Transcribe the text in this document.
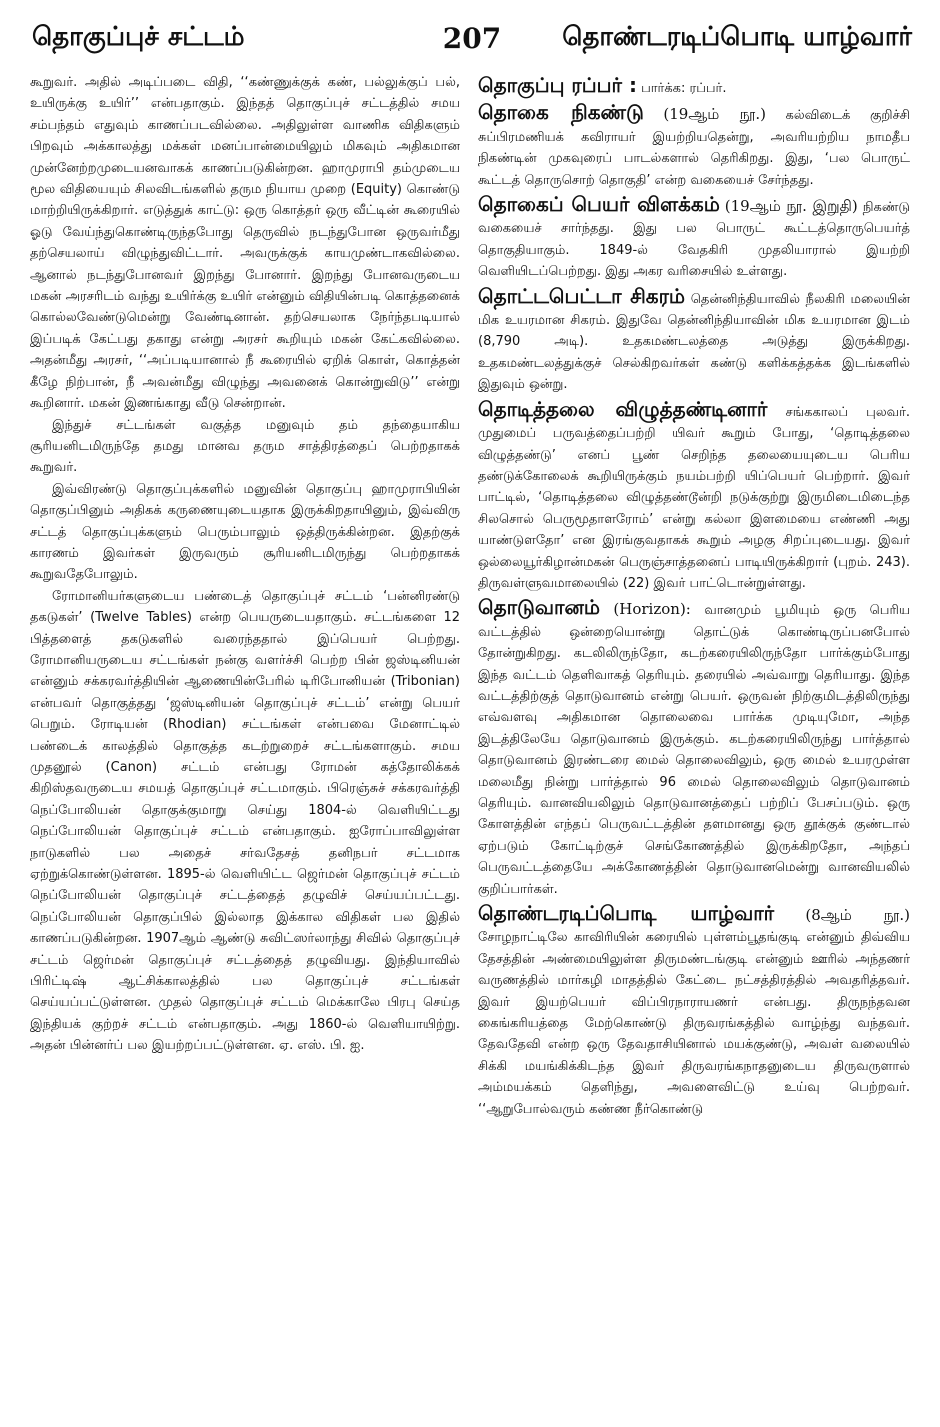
தொகுப்புச் சட்டம்	207	தொண்டரடிப்பொடி யாழ்வார்

கூறுவர். அதில் அடிப்படை விதி, ‘‘கண்ணுக்குக் கண், பல்லுக்குப் பல், உயிருக்கு உயிர்’’ என்பதாகும். இந்தத் தொகுப்புச் சட்டத்தில் சமய சம்பந்தம் எதுவும் காணப்படவில்லை. அதிலுள்ள வாணிக விதிகளும் பிறவும் அக்காலத்து மக்கள் மனப்பான்மையிலும் மிகவும் அதிகமான முன்னேற்றமுடையனவாகக் காணப்படுகின்றன. ஹாமுராபி தம்முடைய மூல விதியையும் சிலவிடங்களில் தரும நியாய முறை (Equity) கொண்டு மாற்றியிருக்கிறார். எடுத்துக் காட்டு: ஒரு கொத்தர் ஒரு வீட்டின் கூரையில் ஓடு வேய்ந்துகொண்டிருந்தபோது தெருவில் நடந்துபோன ஒருவர்மீது தற்செயலாய் விழுந்துவிட்டார். அவருக்குக் காயமுண்டாகவில்லை. ஆனால் நடந்துபோனவர் இறந்து போனார். இறந்து போனவருடைய மகன் அரசரிடம் வந்து உயிர்க்கு உயிர் என்னும் விதியின்படி கொத்தனைக் கொல்லவேண்டுமென்று வேண்டினான். தற்செயலாக நேர்ந்தபடியால் இப்படிக் கேட்பது தகாது என்று அரசர் கூறியும் மகன் கேட்கவில்லை. அதன்மீது அரசர், ‘‘அப்படியானால் நீ கூரையில் ஏறிக் கொள், கொத்தன் கீழே நிற்பான், நீ அவன்மீது விழுந்து அவனைக் கொன்றுவிடு’’ என்று கூறினார். மகன் இணங்காது வீடு சென்றான்.

இந்துச் சட்டங்கள் வகுத்த மனுவும் தம் தந்தையாகிய சூரியனிடமிருந்தே தமது மானவ தரும சாத்திரத்தைப் பெற்றதாகக் கூறுவர்.

இவ்விரண்டு தொகுப்புக்களில் மனுவின் தொகுப்பு ஹாமுராபியின் தொகுப்பினும் அதிகக் கருணையுடையதாக இருக்கிறதாயினும், இவ்விரு சட்டத் தொகுப்புக்களும் பெரும்பாலும் ஒத்திருக்கின்றன. இதற்குக் காரணம் இவர்கள் இருவரும் சூரியனிடமிருந்து பெற்றதாகக் கூறுவதேபோலும்.

ரோமானியர்களுடைய பண்டைத் தொகுப்புச் சட்டம் ‘பன்னிரண்டு தகடுகள்’ (Twelve Tables) என்ற பெயருடையதாகும். சட்டங்களை 12 பித்தளைத் தகடுகளில் வரைந்ததால் இப்பெயர் பெற்றது. ரோமானியருடைய சட்டங்கள் நன்கு வளர்ச்சி பெற்ற பின் ஜஸ்டினியன் என்னும் சக்கரவர்த்தியின் ஆணையின்பேரில் டிரிபோனியன் (Tribonian) என்பவர் தொகுத்தது ‘ஜஸ்டினியன் தொகுப்புச் சட்டம்’ என்று பெயர் பெறும். ரோடியன் (Rhodian) சட்டங்கள் என்பவை மேனாட்டில் பண்டைக் காலத்தில் தொகுத்த கடற்றுறைச் சட்டங்களாகும். சமய முதனூல் (Canon) சட்டம் என்பது ரோமன் கத்தோலிக்கக் கிறிஸ்தவருடைய சமயத் தொகுப்புச் சட்டமாகும். பிரெஞ்சுச் சக்கரவர்த்தி நெப்போலியன் தொகுக்குமாறு செய்து 1804-ல் வெளியிட்டது நெப்போலியன் தொகுப்புச் சட்டம் என்பதாகும். ஐரோப்பாவிலுள்ள நாடுகளில் பல அதைச் சர்வதேசத் தனிநபர் சட்டமாக ஏற்றுக்கொண்டுள்ளன. 1895-ல் வெளியிட்ட ஜெர்மன் தொகுப்புச் சட்டம் நெப்போலியன் தொகுப்புச் சட்டத்தைத் தழுவிச் செய்யப்பட்டது. நெப்போலியன் தொகுப்பில் இல்லாத இக்கால விதிகள் பல இதில் காணப்படுகின்றன. 1907ஆம் ஆண்டு சுவிட்ஸர்லாந்து சிவில் தொகுப்புச் சட்டம் ஜெர்மன் தொகுப்புச் சட்டத்தைத் தழுவியது. இந்தியாவில் பிரிட்டிஷ் ஆட்சிக்காலத்தில் பல தொகுப்புச் சட்டங்கள் செய்யப்பட்டுள்ளன. முதல் தொகுப்புச் சட்டம் மெக்காலே பிரபு செய்த இந்தியக் குற்றச் சட்டம் என்பதாகும். அது 1860-ல் வெளியாயிற்று. அதன் பின்னர்ப் பல இயற்றப்பட்டுள்ளன. ஏ. எஸ். பி. ஐ.

தொகுப்பு ரப்பர் : பார்க்க: ரப்பர்.

தொகை நிகண்டு (19ஆம் நூ.) கல்விடைக் குறிச்சி சுப்பிரமணியக் கவிராயர் இயற்றியதென்று, அவரியற்றிய நாமதீப நிகண்டின் முகவுரைப் பாடல்களால் தெரிகிறது. இது, ‘பல பொருட் கூட்டத் தொருசொற் தொகுதி’ என்ற வகையைச் சேர்ந்தது.

தொகைப் பெயர் விளக்கம் (19ஆம் நூ. இறுதி) நிகண்டு வகையைச் சார்ந்தது. இது பல பொருட் கூட்டத்தொருபெயர்த் தொகுதியாகும். 1849-ல் வேதகிரி முதலியாரால் இயற்றி வெளியிடப்பெற்றது. இது அகர வரிசையில் உள்ளது.

தொட்டபெட்டா சிகரம் தென்னிந்தியாவில் நீலகிரி மலையின் மிக உயரமான சிகரம். இதுவே தென்னிந்தியாவின் மிக உயரமான இடம் (8,790 அடி). உதகமண்டலத்தை அடுத்து இருக்கிறது. உதகமண்டலத்துக்குச் செல்கிறவர்கள் கண்டு களிக்கத்தக்க இடங்களில் இதுவும் ஒன்று.

தொடித்தலை விழுத்தண்டினார் சங்ககாலப் புலவர். முதுமைப் பருவத்தைப்பற்றி யிவர் கூறும் போது, ‘தொடித்தலை விழுத்தண்டு’ எனப் பூண் செறிந்த தலையையுடைய பெரிய தண்டுக்கோலைக் கூறியிருக்கும் நயம்பற்றி யிப்பெயர் பெற்றார். இவர் பாட்டில், ‘தொடித்தலை விழுத்தண்டூன்றி நடுக்குற்று இருமிடைமிடைந்த சிலசொல் பெருமூதாளரோம்’ என்று கல்லா இளமையை எண்ணி அது யாண்டுளதோ’ என இரங்குவதாகக் கூறும் அழகு சிறப்புடையது. இவர் ஒல்லையூர்கிழான்மகன் பெருஞ்சாத்தனைப் பாடியிருக்கிறார் (புறம். 243). திருவள்ளுவமாலையில் (22) இவர் பாட்டொன்றுள்ளது.

தொடுவானம் (Horizon): வானமும் பூமியும் ஒரு பெரிய வட்டத்தில் ஒன்றையொன்று தொட்டுக் கொண்டிருப்பனபோல் தோன்றுகிறது. கடலிலிருந்தோ, கடற்கரையிலிருந்தோ பார்க்கும்போது இந்த வட்டம் தெளிவாகத் தெரியும். தரையில் அவ்வாறு தெரியாது. இந்த வட்டத்திற்குத் தொடுவானம் என்று பெயர். ஒருவன் நிற்குமிடத்திலிருந்து எவ்வளவு அதிகமான தொலைவை பார்க்க முடியுமோ, அந்த இடத்திலேயே தொடுவானம் இருக்கும். கடற்கரையிலிருந்து பார்த்தால் தொடுவானம் இரண்டரை மைல் தொலைவிலும், ஒரு மைல் உயரமுள்ள மலைமீது நின்று பார்த்தால் 96 மைல் தொலைவிலும் தொடுவானம் தெரியும். வானவியலிலும் தொடுவானத்தைப் பற்றிப் பேசப்படும். ஒரு கோளத்தின் எந்தப் பெருவட்டத்தின் தளமானது ஒரு தூக்குக் குண்டால் ஏற்படும் கோட்டிற்குச் செங்கோணத்தில் இருக்கிறதோ, அந்தப் பெருவட்டத்தையே அக்கோணத்தின் தொடுவானமென்று வானவியலில் குறிப்பார்கள்.

தொண்டரடிப்பொடி யாழ்வார் (8ஆம் நூ.) சோழநாட்டிலே காவிரியின் கரையில் புள்ளம்பூதங்குடி என்னும் திவ்விய தேசத்தின் அண்மையிலுள்ள திருமண்டங்குடி என்னும் ஊரில் அந்தணர் வருணத்தில் மார்கழி மாதத்தில் கேட்டை நட்சத்திரத்தில் அவதரித்தவர். இவர் இயற்பெயர் விப்பிரநாராயணர் என்பது. திருநந்தவன கைங்கரியத்தை மேற்கொண்டு திருவரங்கத்தில் வாழ்ந்து வந்தவர். தேவதேவி என்ற ஒரு தேவதாசியினால் மயக்குண்டு, அவள் வலையில் சிக்கி மயங்கிக்கிடந்த இவர் திருவரங்கநாதனுடைய திருவருளால் அம்மயக்கம் தெளிந்து, அவளைவிட்டு உய்வு பெற்றவர். ‘‘ஆறுபோல்வரும் கண்ண நீர்கொண்டு
